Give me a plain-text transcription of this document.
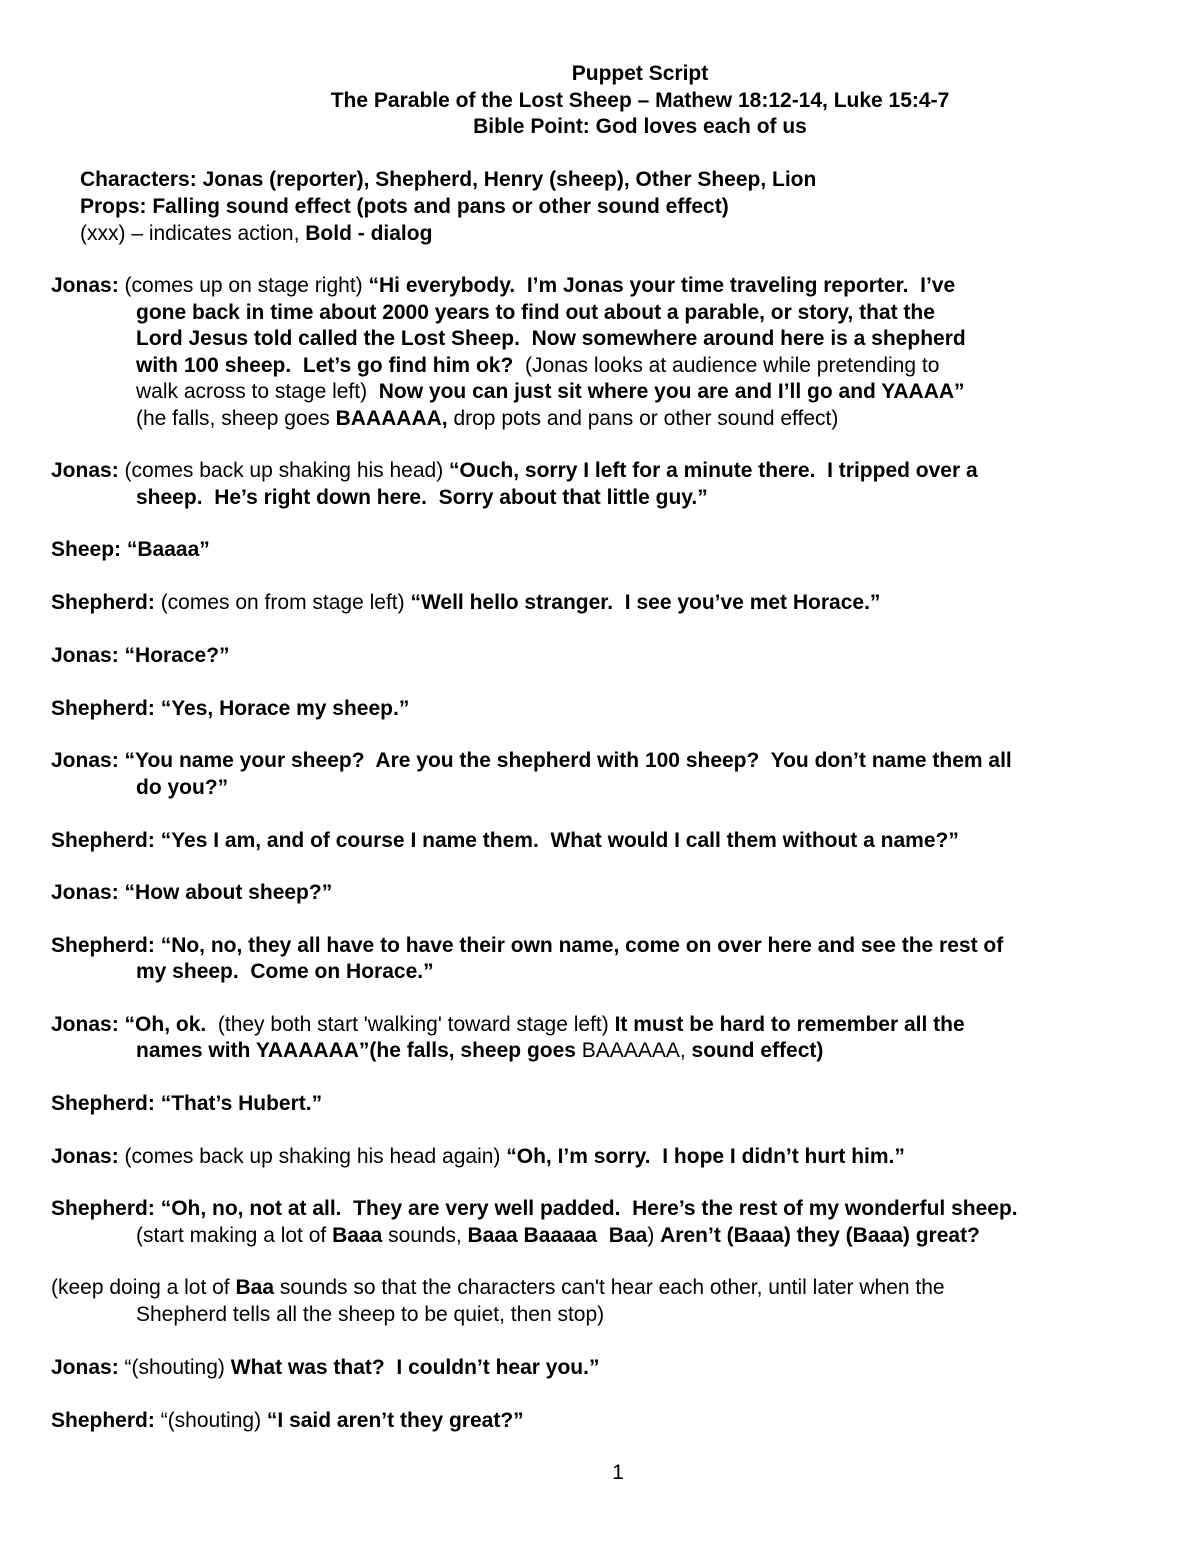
Puppet Script
The Parable of the Lost Sheep – Mathew 18:12-14, Luke 15:4-7
Bible Point: God loves each of us
Characters: Jonas (reporter), Shepherd, Henry (sheep), Other Sheep, Lion
Props: Falling sound effect (pots and pans or other sound effect)
(xxx) – indicates action, Bold - dialog
Jonas: (comes up on stage right) “Hi everybody.  I’m Jonas your time traveling reporter.  I’ve
gone back in time about 2000 years to find out about a parable, or story, that the
Lord Jesus told called the Lost Sheep.  Now somewhere around here is a shepherd
with 100 sheep.  Let’s go find him ok?  (Jonas looks at audience while pretending to
walk across to stage left)  Now you can just sit where you are and I’ll go and YAAAA”
(he falls, sheep goes BAAAAAA, drop pots and pans or other sound effect)
Jonas: (comes back up shaking his head) “Ouch, sorry I left for a minute there.  I tripped over a
sheep.  He’s right down here.  Sorry about that little guy.”
Sheep: “Baaaa”
Shepherd: (comes on from stage left) “Well hello stranger.  I see you’ve met Horace.”
Jonas: “Horace?”
Shepherd: “Yes, Horace my sheep.”
Jonas: “You name your sheep?  Are you the shepherd with 100 sheep?  You don’t name them all
do you?”
Shepherd: “Yes I am, and of course I name them.  What would I call them without a name?”
Jonas: “How about sheep?”
Shepherd: “No, no, they all have to have their own name, come on over here and see the rest of
my sheep.  Come on Horace.”
Jonas: “Oh, ok.  (they both start 'walking' toward stage left) It must be hard to remember all the
names with YAAAAAA”(he falls, sheep goes BAAAAAA, sound effect)
Shepherd: “That’s Hubert.”
Jonas: (comes back up shaking his head again) “Oh, I’m sorry.  I hope I didn’t hurt him.”
Shepherd: “Oh, no, not at all.  They are very well padded.  Here’s the rest of my wonderful sheep.
(start making a lot of Baaa sounds, Baaa Baaaaa  Baa) Aren’t (Baaa) they (Baaa) great?
(keep doing a lot of Baa sounds so that the characters can't hear each other, until later when the
Shepherd tells all the sheep to be quiet, then stop)
Jonas: “(shouting) What was that?  I couldn’t hear you.”
Shepherd: “(shouting) “I said aren’t they great?”
1
